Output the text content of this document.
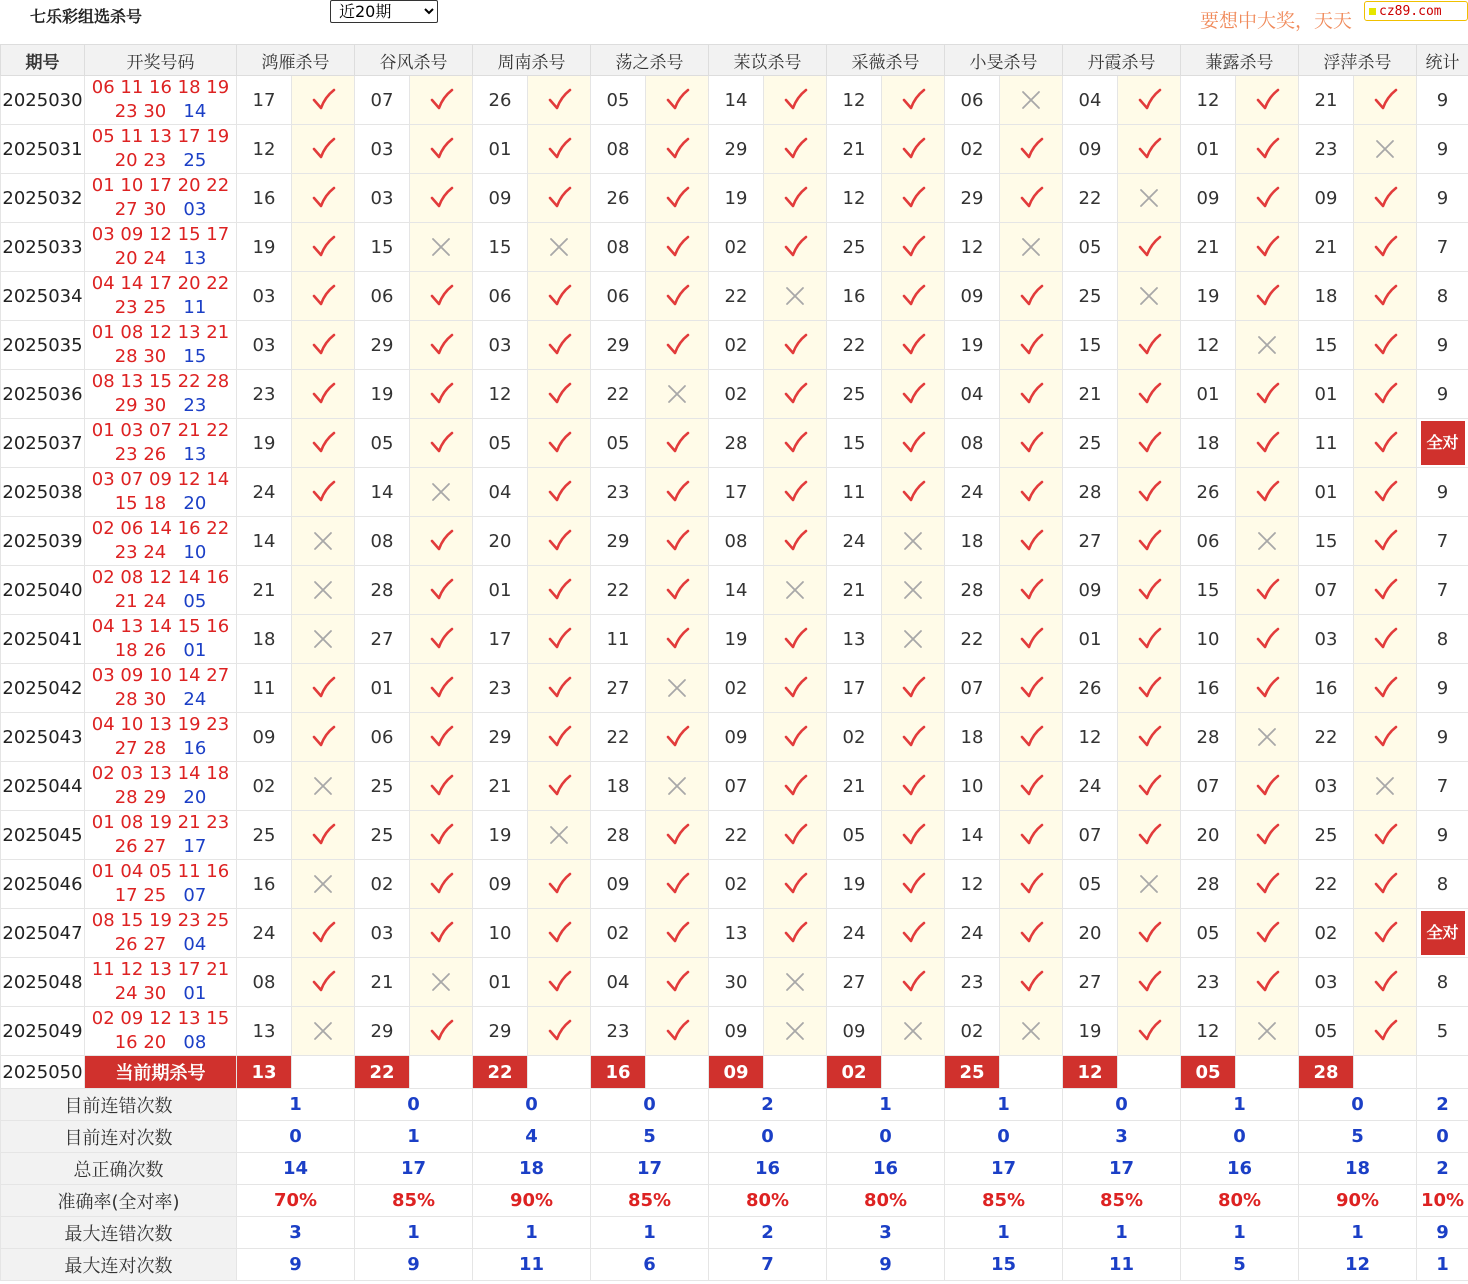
七乐彩组选杀号
近20期	要想中大奖，天天	cz89.com
期号	开奖号码	鸿雁杀号		谷风杀号		周南杀号		荡之杀号		茉苡杀号		采薇杀号		小旻杀号		丹霞杀号		蒹露杀号		浮萍杀号		统计
2025030	06 11 16 18 19
23 30 14	17		07		26		05		14		12		06		04		12		21		9
2025031	05 11 13 17 19
20 23 25	12		03		01		08		29		21		02		09		01		23		9
2025032	01 10 17 20 22
27 30 03	16		03		09		26		19		12		29		22		09		09		9
2025033	03 09 12 15 17
20 24 13	19		15		15		08		02		25		12		05		21		21		7
2025034	04 14 17 20 22
23 25 11	03		06		06		06		22		16		09		25		19		18		8
2025035	01 08 12 13 21
28 30 15	03		29		03		29		02		22		19		15		12		15		9
2025036	08 13 15 22 28
29 30 23	23		19		12		22		02		25		04		21		01		01		9
2025037	01 03 07 21 22
23 26 13	19		05		05		05		28		15		08		25		18		11		全对

2025038	03 07 09 12 14
15 18 20	24		14		04		23		17		11		24		28		26		01		9
2025039	02 06 14 16 22
23 24 10	14		08		20		29		08		24		18		27		06		15		7
2025040	02 08 12 14 16
21 24 05	21		28		01		22		14		21		28		09		15		07		7
2025041	04 13 14 15 16
18 26 01	18		27		17		11		19		13		22		01		10		03		8
2025042	03 09 10 14 27
28 30 24	11		01		23		27		02		17		07		26		16		16		9
2025043	04 10 13 19 23
27 28 16	09		06		29		22		09		02		18		12		28		22		9
2025044	02 03 13 14 18
28 29 20	02		25		21		18		07		21		10		24		07		03		7
2025045	01 08 19 21 23
26 27 17	25		25		19		28		22		05		14		07		20		25		9
2025046	01 04 05 11 16
17 25 07	16		02		09		09		02		19		12		05		28		22		8
2025047	08 15 19 23 25
26 27 04	24		03		10		02		13		24		24		20		05		02		全对

2025048	11 12 13 17 21
24 30 01	08		21		01		04		30		27		23		27		23		03		8
2025049	02 09 12 13 15
16 20 08	13		29		29		23		09		09		02		19		12		05		5
2025050	当前期杀号	13		22		22		16		09		02		25		12		05		28		
目前连错次数		1		0		0		0		2		1		1		0		1		0		2
目前连对次数		0		1		4		5		0		0		0		3		0		5		0
总正确次数		14		17		18		17		16		16		17		17		16		18		2
准确率(全对率)		70%		85%		90%		85%		80%		80%		85%		85%		80%		90%		10%
最大连错次数		3		1		1		1		2		3		1		1		1		1		9
最大连对次数		9		9		11		6		7		9		15		11		5		12		1
